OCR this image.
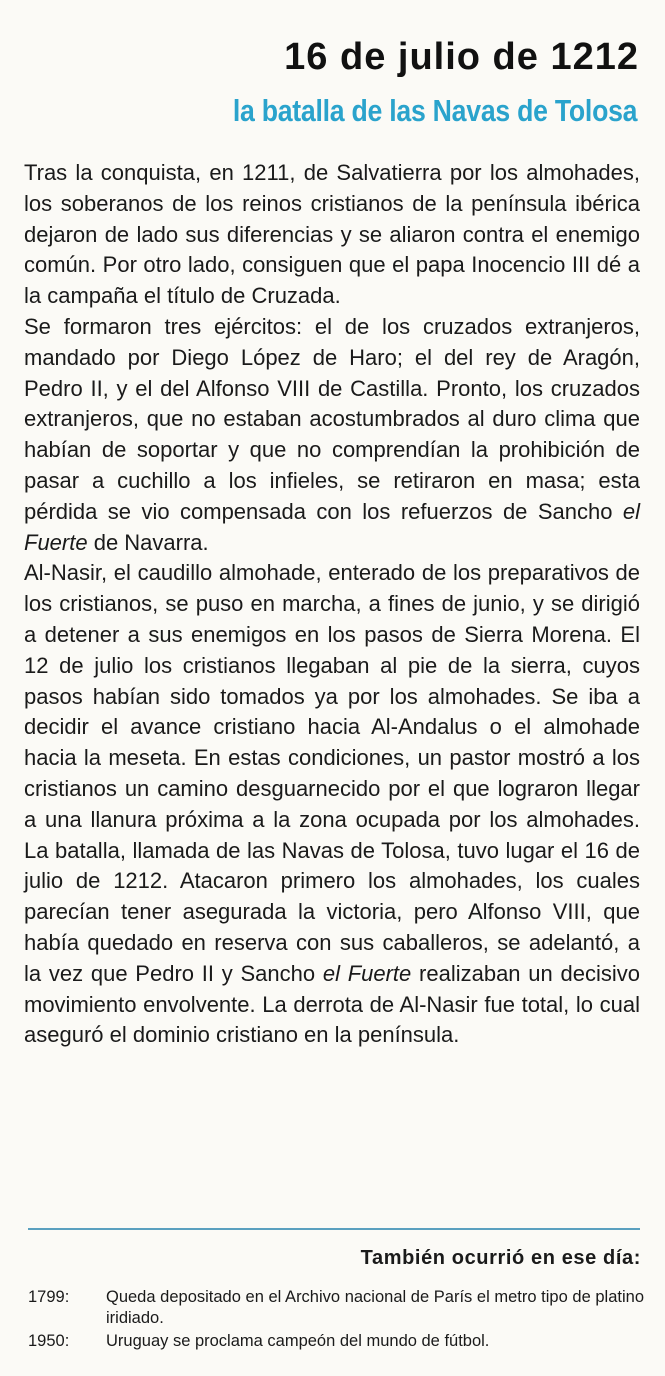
16 de julio de 1212
la batalla de las Navas de Tolosa

Tras la conquista, en 1211, de Salvatierra por los almohades, los soberanos de los reinos cristianos de la península ibérica dejaron de lado sus diferencias y se aliaron contra el enemigo común. Por otro lado, consiguen que el papa Inocencio III dé a la campaña el título de Cruzada.

Se formaron tres ejércitos: el de los cruzados extranjeros, mandado por Diego López de Haro; el del rey de Aragón, Pedro II, y el del Alfonso VIII de Castilla. Pronto, los cruzados extranjeros, que no estaban acostumbrados al duro clima que habían de soportar y que no comprendían la prohibición de pasar a cuchillo a los infieles, se retiraron en masa; esta pérdida se vio compensada con los refuerzos de Sancho el Fuerte de Navarra.

Al-Nasir, el caudillo almohade, enterado de los preparativos de los cristianos, se puso en marcha, a fines de junio, y se dirigió a detener a sus enemigos en los pasos de Sierra Morena. El 12 de julio los cristianos llegaban al pie de la sierra, cuyos pasos habían sido tomados ya por los almohades. Se iba a decidir el avance cristiano hacia Al-Andalus o el almohade hacia la meseta. En estas condiciones, un pastor mostró a los cristianos un camino desguarnecido por el que lograron llegar a una llanura próxima a la zona ocupada por los almohades. La batalla, llamada de las Navas de Tolosa, tuvo lugar el 16 de julio de 1212. Atacaron primero los almohades, los cuales parecían tener asegurada la victoria, pero Alfonso VIII, que había quedado en reserva con sus caballeros, se adelantó, a la vez que Pedro II y Sancho el Fuerte realizaban un decisivo movimiento envolvente. La derrota de Al-Nasir fue total, lo cual aseguró el dominio cristiano en la península.

También ocurrió en ese día:
1799:	Queda depositado en el Archivo nacional de París el metro tipo de platino iridiado.
1950:	Uruguay se proclama campeón del mundo de fútbol.
